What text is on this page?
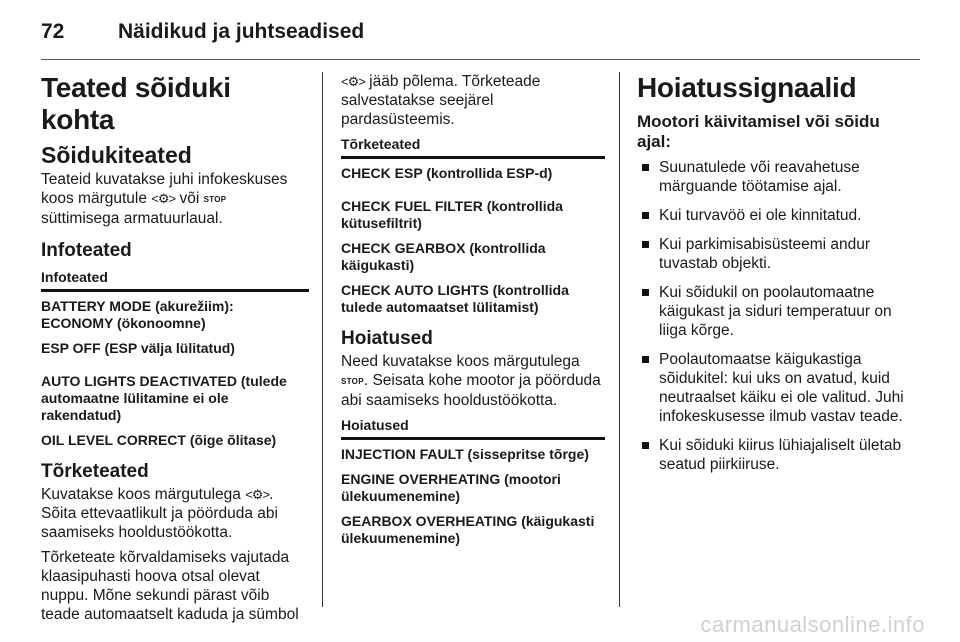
72	Näidikud ja juhtseadised
Teated sõiduki kohta
Sõidukiteated
Teateid kuvatakse juhi infokeskuses koos märgutule <⚙> või STOP süttimisega armatuurlaual.
Infoteated
Infoteated
BATTERY MODE (akurežiim): ECONOMY (ökonoomne)
ESP OFF (ESP välja lülitatud)
AUTO LIGHTS DEACTIVATED (tulede automaatne lülitamine ei ole rakendatud)
OIL LEVEL CORRECT (õige õlitase)
Tõrketeated
Kuvatakse koos märgutulega <⚙>. Sõita ettevaatlikult ja pöörduda abi saamiseks hooldustöökotta.
Tõrketeate kõrvaldamiseks vajutada klaasipuhasti hoova otsal olevat nuppu. Mõne sekundi pärast võib teade automaatselt kaduda ja sümbol
<⚙> jääb põlema. Tõrketeade salvestatakse seejärel pardasüsteemis.
Tõrketeated
CHECK ESP (kontrollida ESP-d)
CHECK FUEL FILTER (kontrollida kütusefiltrit)
CHECK GEARBOX (kontrollida käigukasti)
CHECK AUTO LIGHTS (kontrollida tulede automaatset lülitamist)
Hoiatused
Need kuvatakse koos märgutulega STOP. Seisata kohe mootor ja pöörduda abi saamiseks hooldustöökotta.
Hoiatused
INJECTION FAULT (sissepritse tõrge)
ENGINE OVERHEATING (mootori ülekuumenemine)
GEARBOX OVERHEATING (käigukasti ülekuumenemine)
Hoiatussignaalid
Mootori käivitamisel või sõidu ajal:
Suunatulede või reavahetuse märguande töötamise ajal.
Kui turvavöö ei ole kinnitatud.
Kui parkimisabisüsteemi andur tuvastab objekti.
Kui sõidukil on poolautomaatne käigukast ja siduri temperatuur on liiga kõrge.
Poolautomaatse käigukastiga sõidukitel: kui uks on avatud, kuid neutraalset käiku ei ole valitud. Juhi infokeskusesse ilmub vastav teade.
Kui sõiduki kiirus lühiajaliselt ületab seatud piirkiiruse.
carmanualsonline.info
